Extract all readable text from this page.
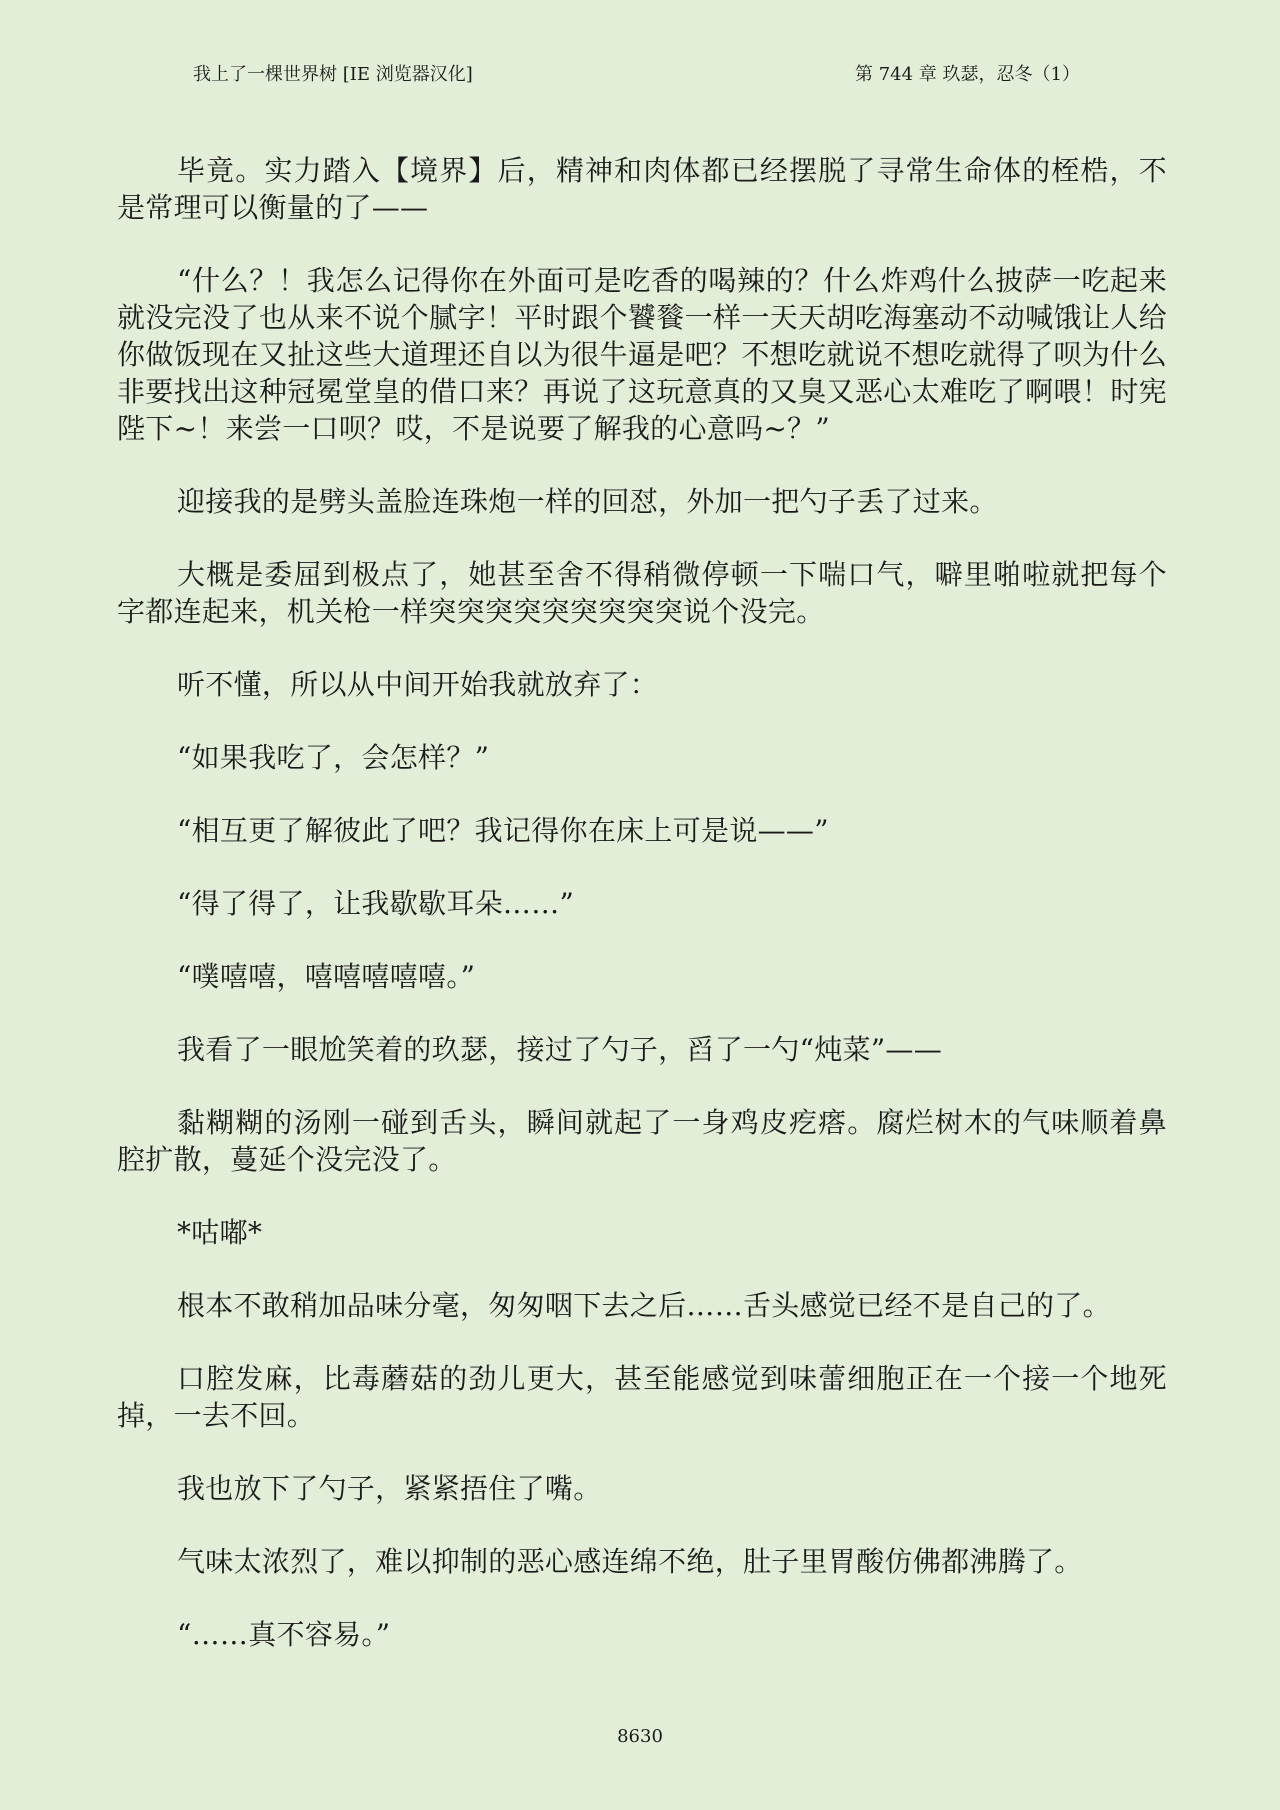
我上了一棵世界树 [IE 浏览器汉化]	第 744 章 玖瑟，忍冬（1）

毕竟。实力踏入【境界】后，精神和肉体都已经摆脱了寻常生命体的桎梏，不是常理可以衡量的了——

“什么？！我怎么记得你在外面可是吃香的喝辣的？什么炸鸡什么披萨一吃起来就没完没了也从来不说个腻字！平时跟个饕餮一样一天天胡吃海塞动不动喊饿让人给你做饭现在又扯这些大道理还自以为很牛逼是吧？不想吃就说不想吃就得了呗为什么非要找出这种冠冕堂皇的借口来？再说了这玩意真的又臭又恶心太难吃了啊喂！时宪陛下~！来尝一口呗？哎，不是说要了解我的心意吗~？”

迎接我的是劈头盖脸连珠炮一样的回怼，外加一把勺子丢了过来。

大概是委屈到极点了，她甚至舍不得稍微停顿一下喘口气，噼里啪啦就把每个字都连起来，机关枪一样突突突突突突突突突说个没完。

听不懂，所以从中间开始我就放弃了：

“如果我吃了，会怎样？”

“相互更了解彼此了吧？我记得你在床上可是说——”

“得了得了，让我歇歇耳朵……”

“噗嘻嘻，嘻嘻嘻嘻嘻。”

我看了一眼尬笑着的玖瑟，接过了勺子，舀了一勺“炖菜”——

黏糊糊的汤刚一碰到舌头，瞬间就起了一身鸡皮疙瘩。腐烂树木的气味顺着鼻腔扩散，蔓延个没完没了。

*咕嘟*

根本不敢稍加品味分毫，匆匆咽下去之后……舌头感觉已经不是自己的了。

口腔发麻，比毒蘑菇的劲儿更大，甚至能感觉到味蕾细胞正在一个接一个地死掉，一去不回。

我也放下了勺子，紧紧捂住了嘴。

气味太浓烈了，难以抑制的恶心感连绵不绝，肚子里胃酸仿佛都沸腾了。

“……真不容易。”

8630
